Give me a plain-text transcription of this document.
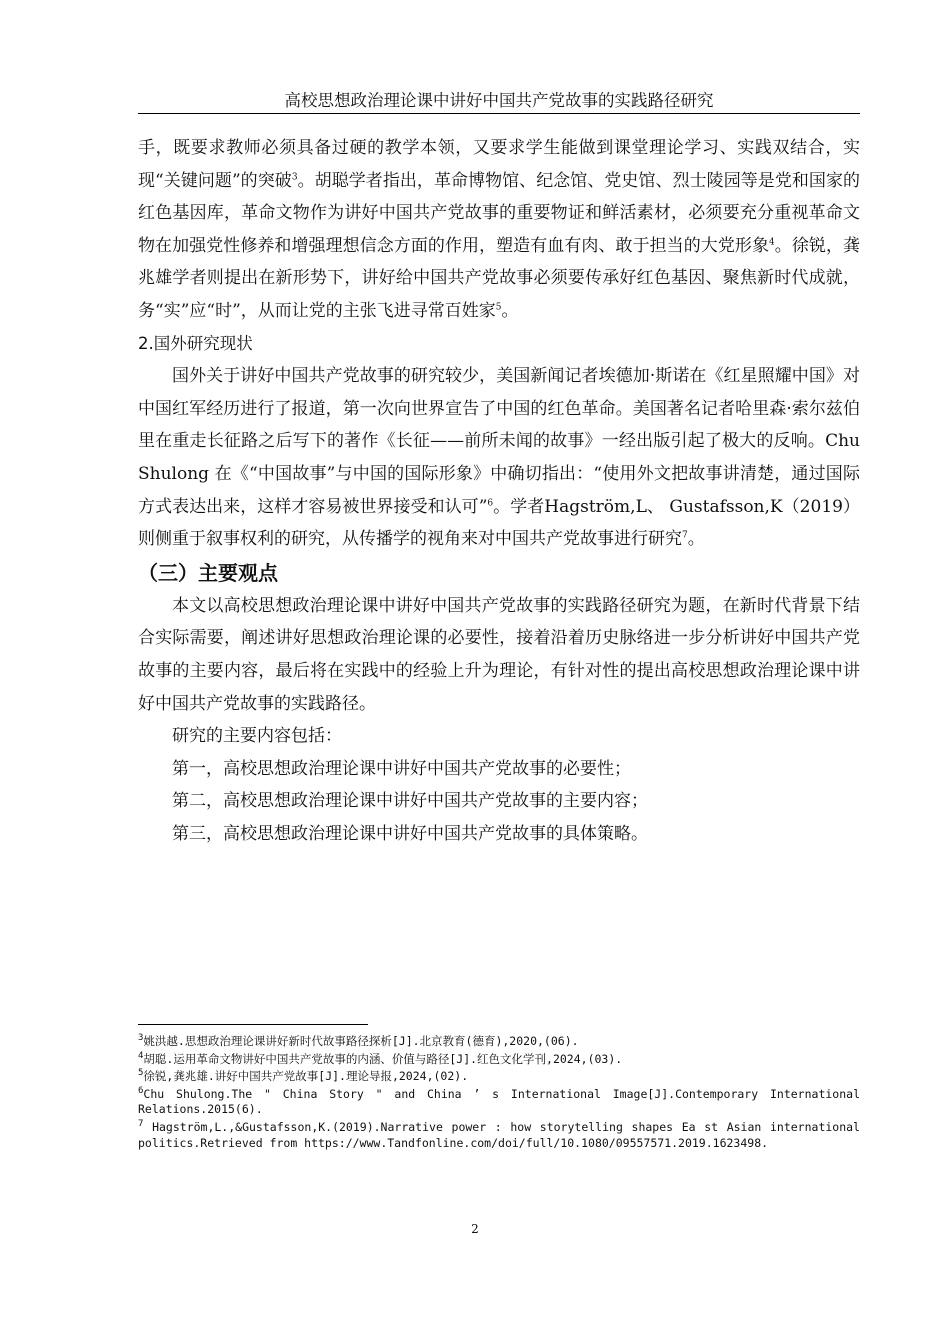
高校思想政治理论课中讲好中国共产党故事的实践路径研究

手，既要求教师必须具备过硬的教学本领，又要求学生能做到课堂理论学习、实践双结合，实现“关键问题”的突破$^3$。胡聪学者指出，革命博物馆、纪念馆、党史馆、烈士陵园等是党和国家的红色基因库，革命文物作为讲好中国共产党故事的重要物证和鲜活素材，必须要充分重视革命文物在加强党性修养和增强理想信念方面的作用，塑造有血有肉、敢于担当的大党形象$^4$。徐锐，龚兆雄学者则提出在新形势下，讲好给中国共产党故事必须要传承好红色基因、聚焦新时代成就，务“实”应“时”，从而让党的主张飞进寻常百姓家$^5$。

2.国外研究现状

国外关于讲好中国共产党故事的研究较少，美国新闻记者埃德加·斯诺在《红星照耀中国》对中国红军经历进行了报道，第一次向世界宣告了中国的红色革命。美国著名记者哈里森·索尔兹伯里在重走长征路之后写下的著作《长征——前所未闻的故事》一经出版引起了极大的反响。Chu Shulong 在《“中国故事”与中国的国际形象》中确切指出：“使用外文把故事讲清楚，通过国际方式表达出来，这样才容易被世界接受和认可”$^6$。学者Hagström,L、 Gustafsson,K（2019）则侧重于叙事权利的研究，从传播学的视角来对中国共产党故事进行研究$^7$。

（三）主要观点

本文以高校思想政治理论课中讲好中国共产党故事的实践路径研究为题，在新时代背景下结合实际需要，阐述讲好思想政治理论课的必要性，接着沿着历史脉络进一步分析讲好中国共产党故事的主要内容，最后将在实践中的经验上升为理论，有针对性的提出高校思想政治理论课中讲好中国共产党故事的实践路径。

研究的主要内容包括：

第一，高校思想政治理论课中讲好中国共产党故事的必要性；

第二，高校思想政治理论课中讲好中国共产党故事的主要内容；

第三，高校思想政治理论课中讲好中国共产党故事的具体策略。

$^3$姚洪越.思想政治理论课讲好新时代故事路径探析[J].北京教育(德育),2020,(06).

$^4$胡聪.运用革命文物讲好中国共产党故事的内涵、价值与路径[J].红色文化学刊,2024,(03).

$^5$徐锐,龚兆雄.讲好中国共产党故事[J].理论导报,2024,(02).

$^6$Chu Shulong.The " China Story " and China ’ s International Image[J].Contemporary International Relations.2015(6).

$^7$ Hagström,L.,&Gustafsson,K.(2019).Narrative power : how storytelling shapes Ea st Asian international politics.Retrieved from https://www.Tandfonline.com/doi/full/10.1080/09557571.2019.1623498.

2
